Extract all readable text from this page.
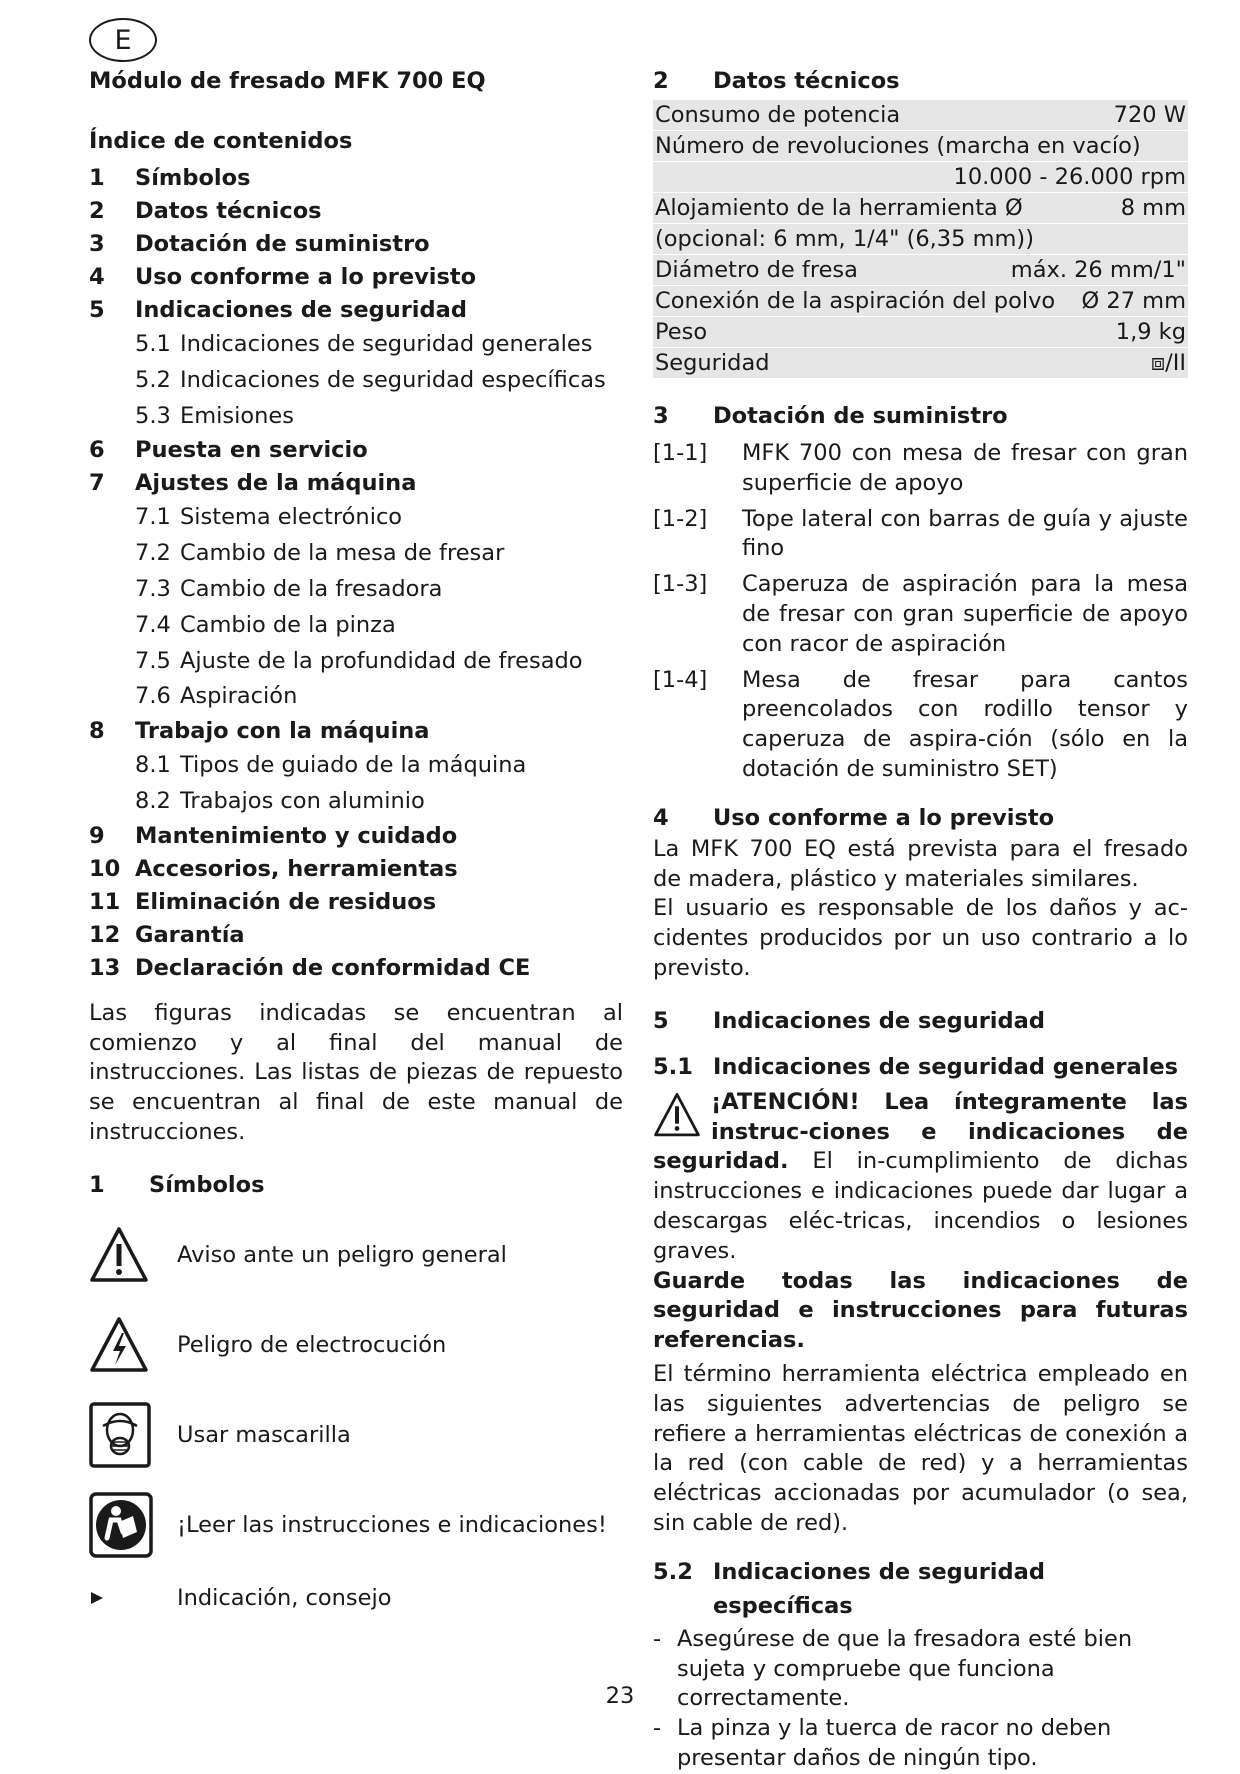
E
Módulo de fresado MFK 700 EQ
Índice de contenidos
1	Símbolos
2	Datos técnicos
3	Dotación de suministro
4	Uso conforme a lo previsto
5	Indicaciones de seguridad
5.1 Indicaciones de seguridad generales
5.2 Indicaciones de seguridad específicas
5.3 Emisiones
6	Puesta en servicio
7	Ajustes de la máquina
7.1 Sistema electrónico
7.2 Cambio de la mesa de fresar
7.3 Cambio de la fresadora
7.4 Cambio de la pinza
7.5 Ajuste de la profundidad de fresado
7.6 Aspiración
8	Trabajo con la máquina
8.1 Tipos de guiado de la máquina
8.2 Trabajos con aluminio
9	Mantenimiento y cuidado
10 Accesorios, herramientas
11 Eliminación de residuos
12 Garantía
13 Declaración de conformidad CE
Las figuras indicadas se encuentran al comienzo y al final del manual de instrucciones. Las listas de piezas de repuesto se encuentran al final de este manual de instrucciones.
1	Símbolos
Aviso ante un peligro general
Peligro de electrocución
Usar mascarilla
¡Leer las instrucciones e indicaciones!
Indicación, consejo
2	Datos técnicos
Consumo de potencia	720 W
Número de revoluciones (marcha en vacío)
10.000 - 26.000 rpm
Alojamiento de la herramienta Ø	8 mm
(opcional: 6 mm, 1/4" (6,35 mm))
Diámetro de fresa	máx. 26 mm/1"
Conexión de la aspiración del polvo Ø 27 mm
Peso	1,9 kg
Seguridad	⧈/II
3	Dotación de suministro
[1-1]	MFK 700 con mesa de fresar con gran superficie de apoyo
[1-2]	Tope lateral con barras de guía y ajuste fino
[1-3]	Caperuza de aspiración para la mesa de fresar con gran superficie de apoyo con racor de aspiración
[1-4]	Mesa de fresar para cantos preencolados con rodillo tensor y caperuza de aspira-ción (sólo en la dotación de suministro SET)
4	Uso conforme a lo previsto
La MFK 700 EQ está prevista para el fresado de madera, plástico y materiales similares.
El usuario es responsable de los daños y ac-cidentes producidos por un uso contrario a lo previsto.
5	Indicaciones de seguridad
5.1 Indicaciones de seguridad generales
¡ATENCIÓN! Lea íntegramente las instruc-ciones e indicaciones de seguridad. El in-cumplimiento de dichas instrucciones e indicaciones puede dar lugar a descargas eléc-tricas, incendios o lesiones graves.
Guarde todas las indicaciones de seguridad e instrucciones para futuras referencias.
El término herramienta eléctrica empleado en las siguientes advertencias de peligro se refiere a herramientas eléctricas de conexión a la red (con cable de red) y a herramientas eléctricas accionadas por acumulador (o sea, sin cable de red).
5.2 Indicaciones de seguridad específicas
- Asegúrese de que la fresadora esté bien sujeta y compruebe que funciona correctamente.
- La pinza y la tuerca de racor no deben presentar daños de ningún tipo.
23
